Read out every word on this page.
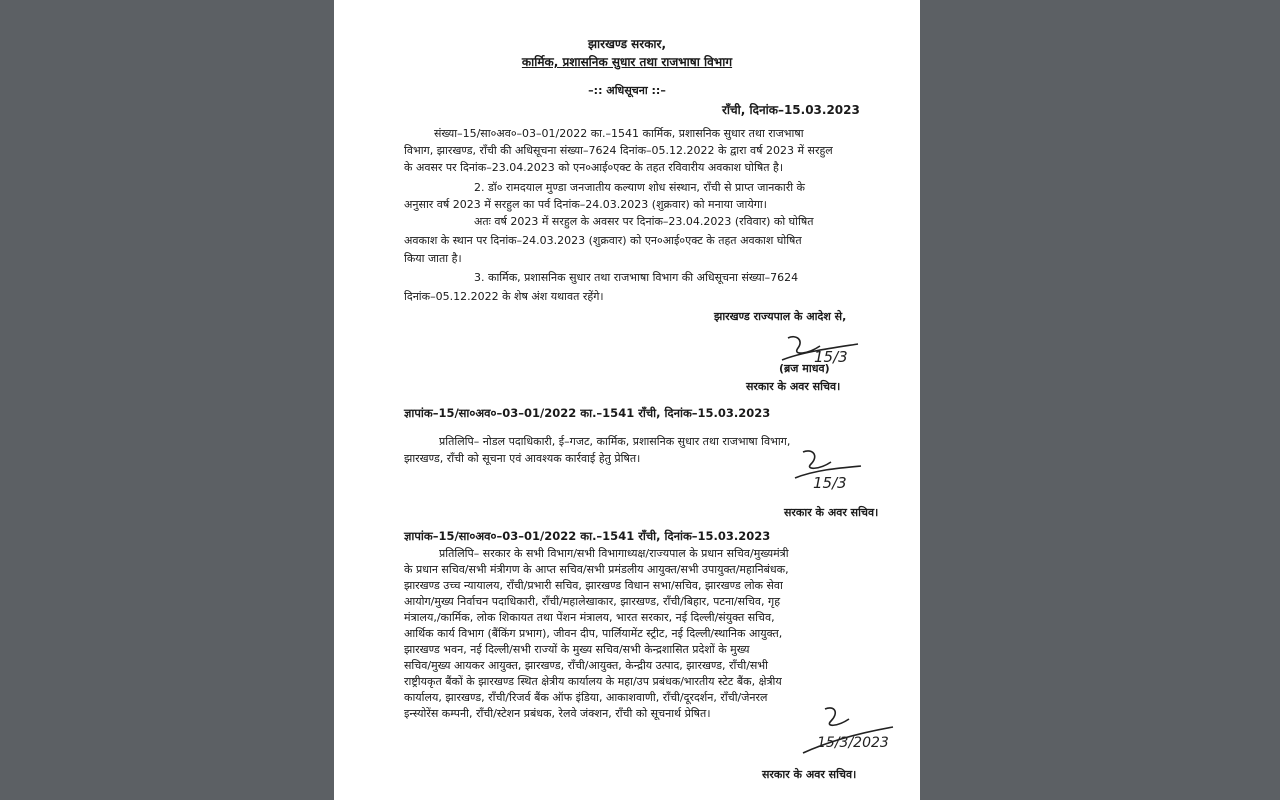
झारखण्ड सरकार,
कार्मिक, प्रशासनिक सुधार तथा राजभाषा विभाग
–:: अधिसूचना ::–
राँची, दिनांक–15.03.2023
संख्या–15/सा०अव०–03–01/2022 का.–1541 कार्मिक, प्रशासनिक सुधार तथा राजभाषा
विभाग, झारखण्ड, राँची की अधिसूचना संख्या–7624 दिनांक–05.12.2022 के द्वारा वर्ष 2023 में सरहुल
के अवसर पर दिनांक–23.04.2023 को एन०आई०एक्ट के तहत रविवारीय अवकाश घोषित है।
2. डॉ० रामदयाल मुण्डा जनजातीय कल्याण शोध संस्थान, राँची से प्राप्त जानकारी के
अनुसार वर्ष 2023 में सरहुल का पर्व दिनांक–24.03.2023 (शुक्रवार) को मनाया जायेगा।
अतः वर्ष 2023 में सरहुल के अवसर पर दिनांक–23.04.2023 (रविवार) को घोषित
अवकाश के स्थान पर दिनांक–24.03.2023 (शुक्रवार) को एन०आई०एक्ट के तहत अवकाश घोषित
किया जाता है।
3. कार्मिक, प्रशासनिक सुधार तथा राजभाषा विभाग की अधिसूचना संख्या–7624
दिनांक–05.12.2022 के शेष अंश यथावत रहेंगे।
झारखण्ड राज्यपाल के आदेश से,
15/3
(ब्रज माधव)
सरकार के अवर सचिव।
ज्ञापांक–15/सा०अव०–03–01/2022 का.–1541 राँची, दिनांक–15.03.2023
प्रतिलिपि– नोडल पदाधिकारी, ई–गजट, कार्मिक, प्रशासनिक सुधार तथा राजभाषा विभाग,
झारखण्ड, राँची को सूचना एवं आवश्यक कार्रवाई हेतु प्रेषित।
15/3
सरकार के अवर सचिव।
ज्ञापांक–15/सा०अव०–03–01/2022 का.–1541 राँची, दिनांक–15.03.2023
प्रतिलिपि– सरकार के सभी विभाग/सभी विभागाध्यक्ष/राज्यपाल के प्रधान सचिव/मुख्यमंत्री
के प्रधान सचिव/सभी मंत्रीगण के आप्त सचिव/सभी प्रमंडलीय आयुक्त/सभी उपायुक्त/महानिबंधक,
झारखण्ड उच्च न्यायालय, राँची/प्रभारी सचिव, झारखण्ड विधान सभा/सचिव, झारखण्ड लोक सेवा
आयोग/मुख्य निर्वाचन पदाधिकारी, राँची/महालेखाकार, झारखण्ड, राँची/बिहार, पटना/सचिव, गृह
मंत्रालय,/कार्मिक, लोक शिकायत तथा पेंशन मंत्रालय, भारत सरकार, नई दिल्ली/संयुक्त सचिव,
आर्थिक कार्य विभाग (बैंकिंग प्रभाग), जीवन दीप, पार्लियामेंट स्ट्रीट, नई दिल्ली/स्थानिक आयुक्त,
झारखण्ड भवन, नई दिल्ली/सभी राज्यों के मुख्य सचिव/सभी केन्द्रशासित प्रदेशों के मुख्य
सचिव/मुख्य आयकर आयुक्त, झारखण्ड, राँची/आयुक्त, केन्द्रीय उत्पाद, झारखण्ड, राँची/सभी
राष्ट्रीयकृत बैंकों के झारखण्ड स्थित क्षेत्रीय कार्यालय के महा/उप प्रबंधक/भारतीय स्टेट बैंक, क्षेत्रीय
कार्यालय, झारखण्ड, राँची/रिजर्व बैंक ऑफ इंडिया, आकाशवाणी, राँची/दूरदर्शन, राँची/जेनरल
इन्स्योरेंस कम्पनी, राँची/स्टेशन प्रबंधक, रेलवे जंक्शन, राँची को सूचनार्थ प्रेषित।
15/3/2023
सरकार के अवर सचिव।
